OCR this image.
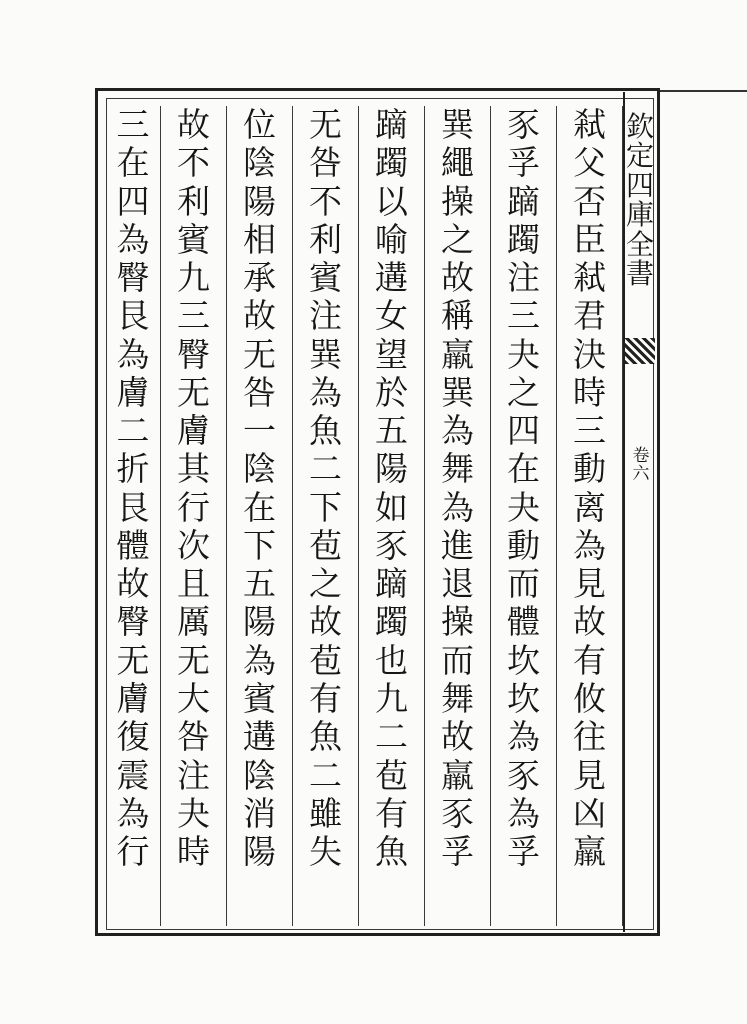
弒
父
否
臣
弒
君
決
時
三
動
离
為
見
故
有
攸
往
見
凶
羸
豕
孚
蹢
躅
注
三
夬
之
四
在
夬
動
而
體
坎
坎
為
豕
為
孚
巽
繩
操
之
故
稱
羸
巽
為
舞
為
進
退
操
而
舞
故
羸
豕
孚
蹢
躅
以
喻
遘
女
望
於
五
陽
如
豕
蹢
躅
也
九
二
苞
有
魚
无
咎
不
利
賓
注
巽
為
魚
二
下
苞
之
故
苞
有
魚
二
雖
失
位
陰
陽
相
承
故
无
咎
一
陰
在
下
五
陽
為
賓
遘
陰
消
陽
故
不
利
賓
九
三
臀
无
膚
其
行
次
且
厲
无
大
咎
注
夬
時
三
在
四
為
臀
艮
為
膚
二
折
艮
體
故
臀
无
膚
復
震
為
行
欽
定
四
庫
全
書
卷
六
